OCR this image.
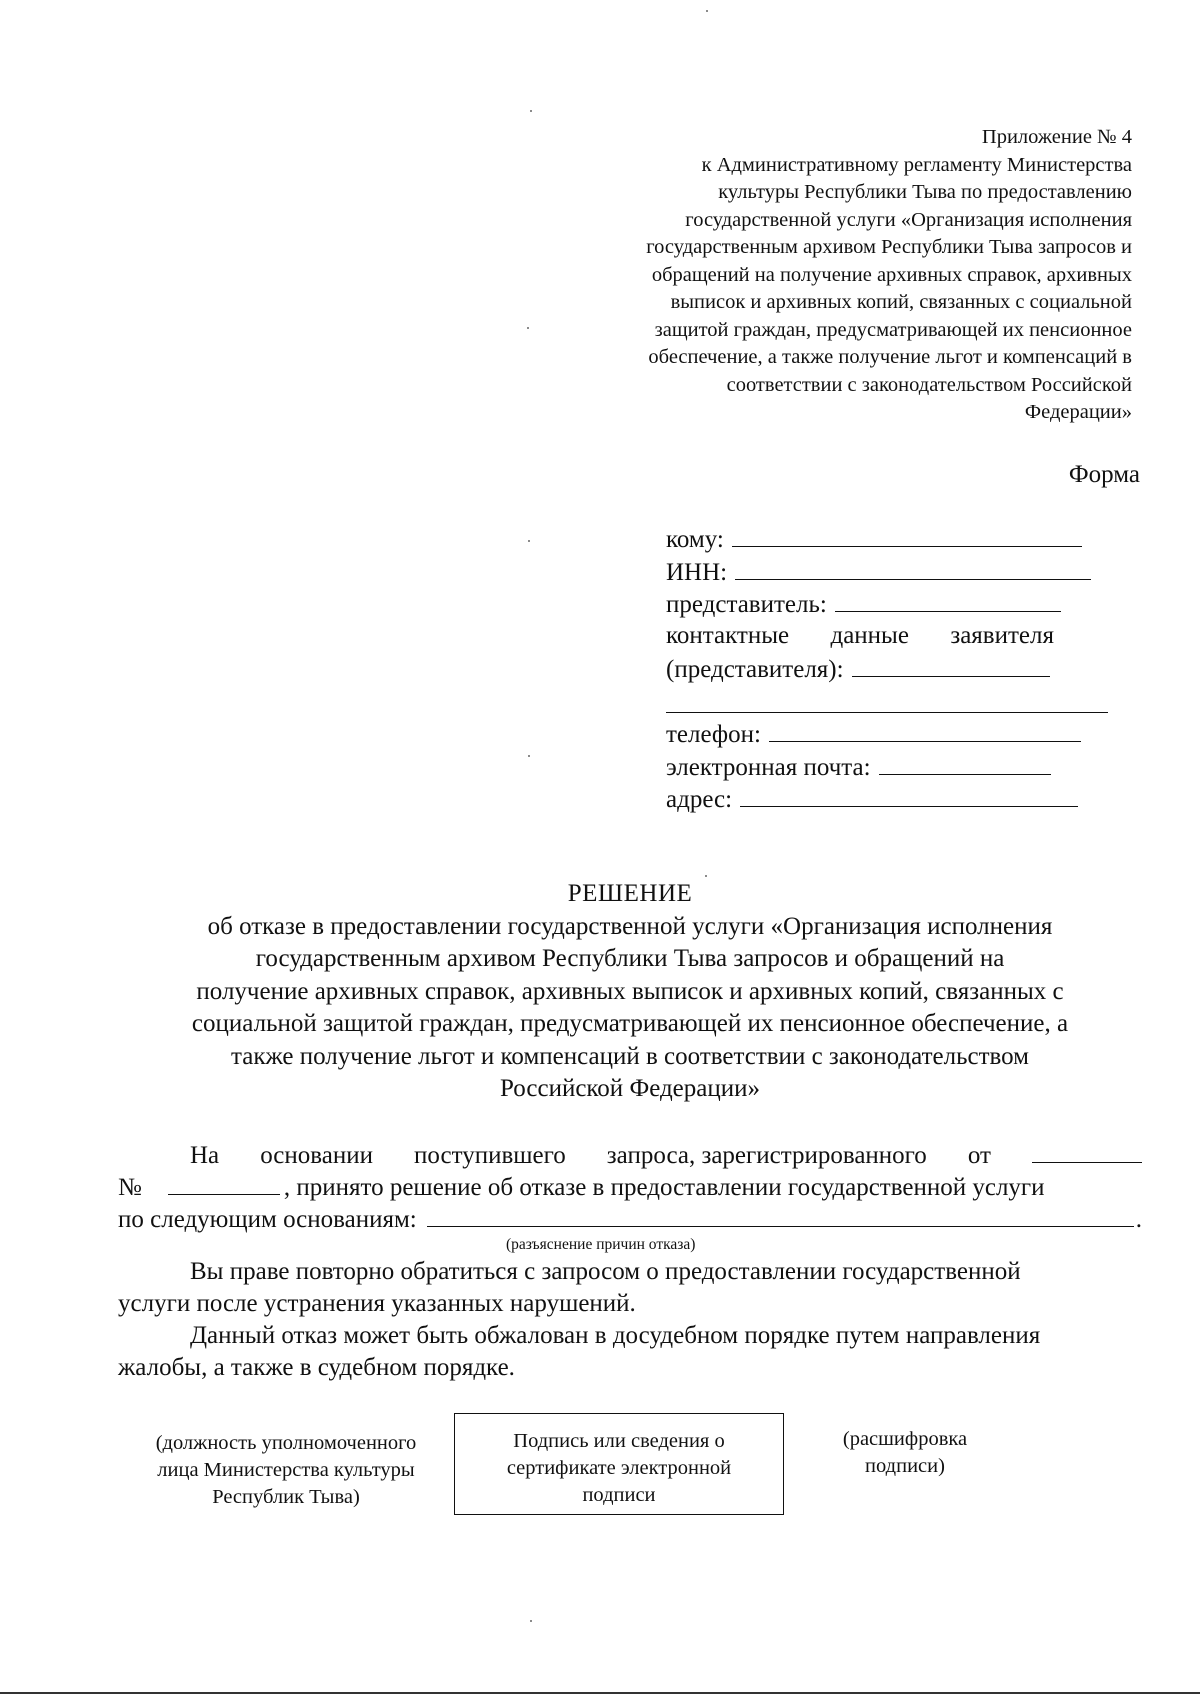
Приложение № 4
к Административному регламенту Министерства
культуры Республики Тыва по предоставлению
государственной услуги «Организация исполнения
государственным архивом Республики Тыва запросов и
обращений на получение архивных справок, архивных
выписок и архивных копий, связанных с социальной
защитой граждан, предусматривающей их пенсионное
обеспечение, а также получение льгот и компенсаций в
соответствии с законодательством Российской
Федерации»
Форма
кому:
ИНН:
представитель:
контактные данные заявителя
(представителя):
телефон:
электронная почта:
адрес:
РЕШЕНИЕ
об отказе в предоставлении государственной услуги «Организация исполнения
государственным архивом Республики Тыва запросов и обращений на
получение архивных справок, архивных выписок и архивных копий, связанных с
социальной защитой граждан, предусматривающей их пенсионное обеспечение, а
также получение льгот и компенсаций в соответствии с законодательством
Российской Федерации»
На основании поступившего запроса, зарегистрированного от
№	, принято решение об отказе в предоставлении государственной услуги
по следующим основаниям:	.
(разъяснение причин отказа)
Вы праве повторно обратиться с запросом о предоставлении государственной
услуги после устранения указанных нарушений.
Данный отказ может быть обжалован в досудебном порядке путем направления
жалобы, а также в судебном порядке.
(должность уполномоченного
лица Министерства культуры
Республик Тыва)
Подпись или сведения о
сертификате электронной
подписи
(расшифровка
подписи)
